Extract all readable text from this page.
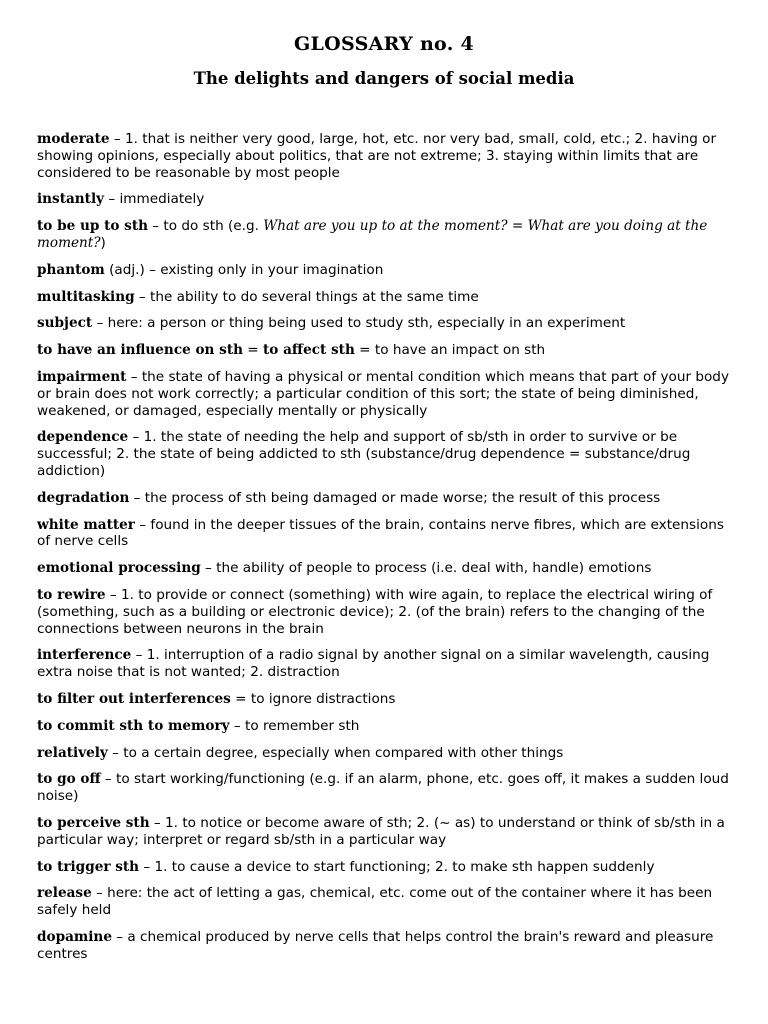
GLOSSARY no. 4
The delights and dangers of social media
moderate – 1. that is neither very good, large, hot, etc. nor very bad, small, cold, etc.; 2. having or showing opinions, especially about politics, that are not extreme; 3. staying within limits that are considered to be reasonable by most people
instantly – immediately
to be up to sth – to do sth (e.g. What are you up to at the moment? = What are you doing at the moment?)
phantom (adj.) – existing only in your imagination
multitasking – the ability to do several things at the same time
subject – here: a person or thing being used to study sth, especially in an experiment
to have an influence on sth = to affect sth = to have an impact on sth
impairment – the state of having a physical or mental condition which means that part of your body or brain does not work correctly; a particular condition of this sort; the state of being diminished, weakened, or damaged, especially mentally or physically
dependence – 1. the state of needing the help and support of sb/sth in order to survive or be successful; 2. the state of being addicted to sth (substance/drug dependence = substance/drug addiction)
degradation – the process of sth being damaged or made worse; the result of this process
white matter – found in the deeper tissues of the brain, contains nerve fibres, which are extensions of nerve cells
emotional processing – the ability of people to process (i.e. deal with, handle) emotions
to rewire – 1. to provide or connect (something) with wire again, to replace the electrical wiring of (something, such as a building or electronic device); 2. (of the brain) refers to the changing of the connections between neurons in the brain
interference – 1. interruption of a radio signal by another signal on a similar wavelength, causing extra noise that is not wanted; 2. distraction
to filter out interferences = to ignore distractions
to commit sth to memory – to remember sth
relatively – to a certain degree, especially when compared with other things
to go off – to start working/functioning (e.g. if an alarm, phone, etc. goes off, it makes a sudden loud noise)
to perceive sth – 1. to notice or become aware of sth; 2. (~ as) to understand or think of sb/sth in a particular way; interpret or regard sb/sth in a particular way
to trigger sth – 1. to cause a device to start functioning; 2. to make sth happen suddenly
release – here: the act of letting a gas, chemical, etc. come out of the container where it has been safely held
dopamine – a chemical produced by nerve cells that helps control the brain's reward and pleasure centres
